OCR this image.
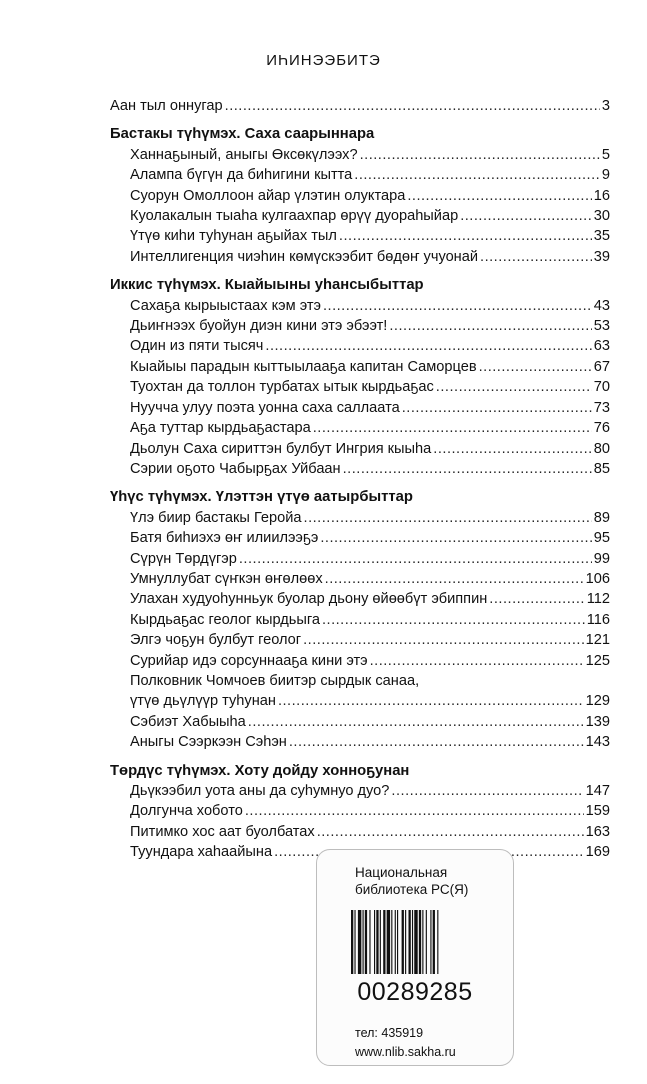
ИҺИНЭЭБИТЭ
Аан тыл оннугар .....	3
Бастакы түһүмэх. Саха саарыннара
Ханнаҕыный, аныгы Өксөкүлээх? .....	5
Алампа бүгүн да биһигини кытта .....	9
Суорун Омоллоон айар үлэтин олуктара .....	16
Куолакалын тыаһа кулгаахпар өрүү дуораһыйар .....	30
Үтүө киһи туһунан аҕыйах тыл .....	35
Интеллигенция чиэһин көмүскээбит бөдөҥ учуонай .....	39
Иккис түһүмэх. Кыайыыны уһансыбыттар
Сахаҕа кырыыстаах кэм этэ .....	43
Дьиҥнээх буойун диэн кини этэ эбээт! .....	53
Один из пяти тысяч .....	63
Кыайыы парадын кыттыылааҕа капитан Саморцев .....	67
Туохтан да толлон турбатах ытык кырдьаҕас .....	70
Нуучча улуу поэта уонна саха саллаата .....	73
Аҕа туттар кырдьаҕастара .....	76
Дьолун Саха сириттэн булбут Ингрия кыыһа .....	80
Сэрии оҕото Чабырҕах Уйбаан .....	85
Үһүс түһүмэх. Үлэттэн үтүө аатырбыттар
Үлэ биир бастакы Геройа .....	89
Батя биһиэхэ өҥ илиилээҕэ .....	95
Сүрүн Төрдүгэр .....	99
Умнуллубат сүҥкэн өҥөлөөх .....	106
Улахан худуоһунньук буолар дьону өйөөбүт эбиппин .....	112
Кырдьаҕас геолог кырдьыга .....	116
Элгэ чоҕун булбут геолог .....	121
Сурийар идэ сорсуннааҕа кини этэ .....	125
Полковник Чомчоев биитэр сырдык санаа,
үтүө дьүлүүр туһунан .....	129
Сэбиэт Хабыыһа .....	139
Аныгы Сээркээн Сэһэн .....	143
Төрдүс түһүмэх. Хоту дойду хонноҕунан
Дьүкээбил уота аны да суһумнуо дуо? .....	147
Долгунча хобото .....	159
Питимко хос аат буолбатах .....	163
Туундара хаһаайына .....	169
Национальная
библиотека РС(Я)
00289285
тел: 435919
www.nlib.sakha.ru
